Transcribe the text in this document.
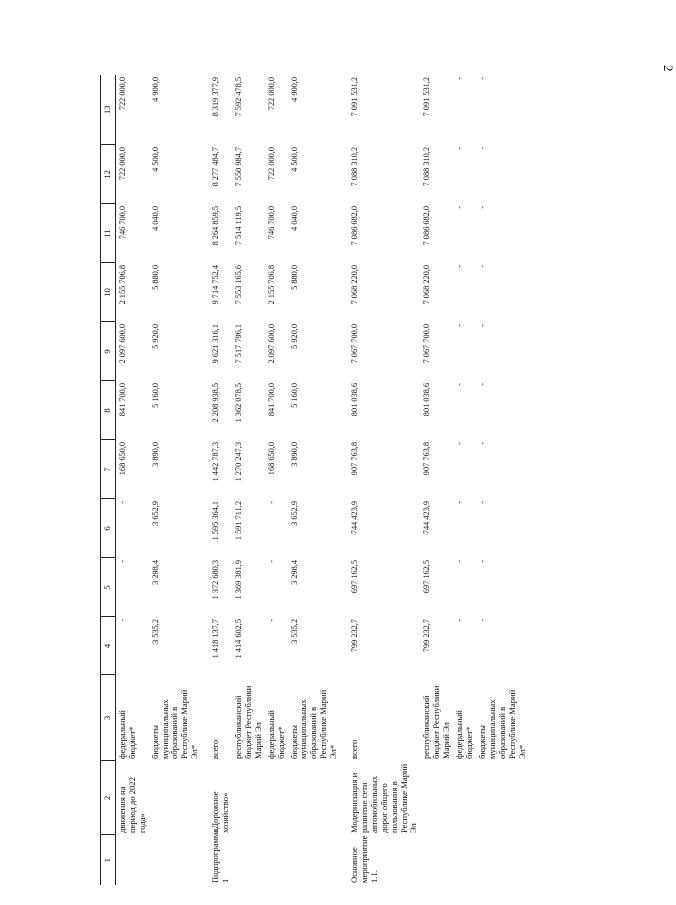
2
1	2	3	4	5	6	7	8	9	10	11	12	13
	движения на период до 2022 года»	федеральный бюджет*	-	-	-	168 650,0	841 700,0	2 097 600,0	2 155 706,8	746 700,0	722 000,0	722 000,0
		бюджеты муниципальных образований в Республике Марий Эл*	3 535,2	3 298,4	3 652,9	3 890,0	5 160,0	5 920,0	5 880,0	4 040,0	4 500,0	4 900,0
Подпрограмма 1	«Дорожное хозяйство»	всего	1 418 137,7	1 372 680,3	1 595 364,1	1 442 787,3	2 208 938,5	9 621 316,1	9 714 752,4	8 264 859,5	8 277 484,7	8 319 377,9
		республиканский бюджет Республики Марий Эл	1 414 602,5	1 369 381,9	1 591 711,2	1 270 247,3	1 362 078,5	7 517 796,1	7 553 165,6	7 514 119,5	7 550 984,7	7 592 478,5
		федеральный бюджет*	-	-	-	168 650,0	841 700,0	2 097 600,0	2 155 706,8	746 700,0	722 000,0	722 000,0
		бюджеты муниципальных образований в Республике Марий Эл*	3 535,2	3 298,4	3 652,9	3 890,0	5 160,0	5 920,0	5 880,0	4 040,0	4 500,0	4 900,0
Основное мероприятие 1.1.	Модернизация и развитие сети автомобильных дорог общего пользования в Республике Марий Эл	всего	799 232,7	697 162,5	744 423,9	907 763,8	801 038,6	7 067 700,0	7 068 220,0	7 086 682,0	7 088 310,2	7 091 531,2
		республиканский бюджет Республики Марий Эл	799 232,7	697 162,5	744 423,9	907 763,8	801 038,6	7 067 700,0	7 068 220,0	7 086 682,0	7 088 310,2	7 091 531,2
		федеральный бюджет*	-	-	-	-	-	-	-	-	-	-
		бюджеты муниципальных образований в Республике Марий Эл*	-	-	-	-	-	-	-	-	-	-
